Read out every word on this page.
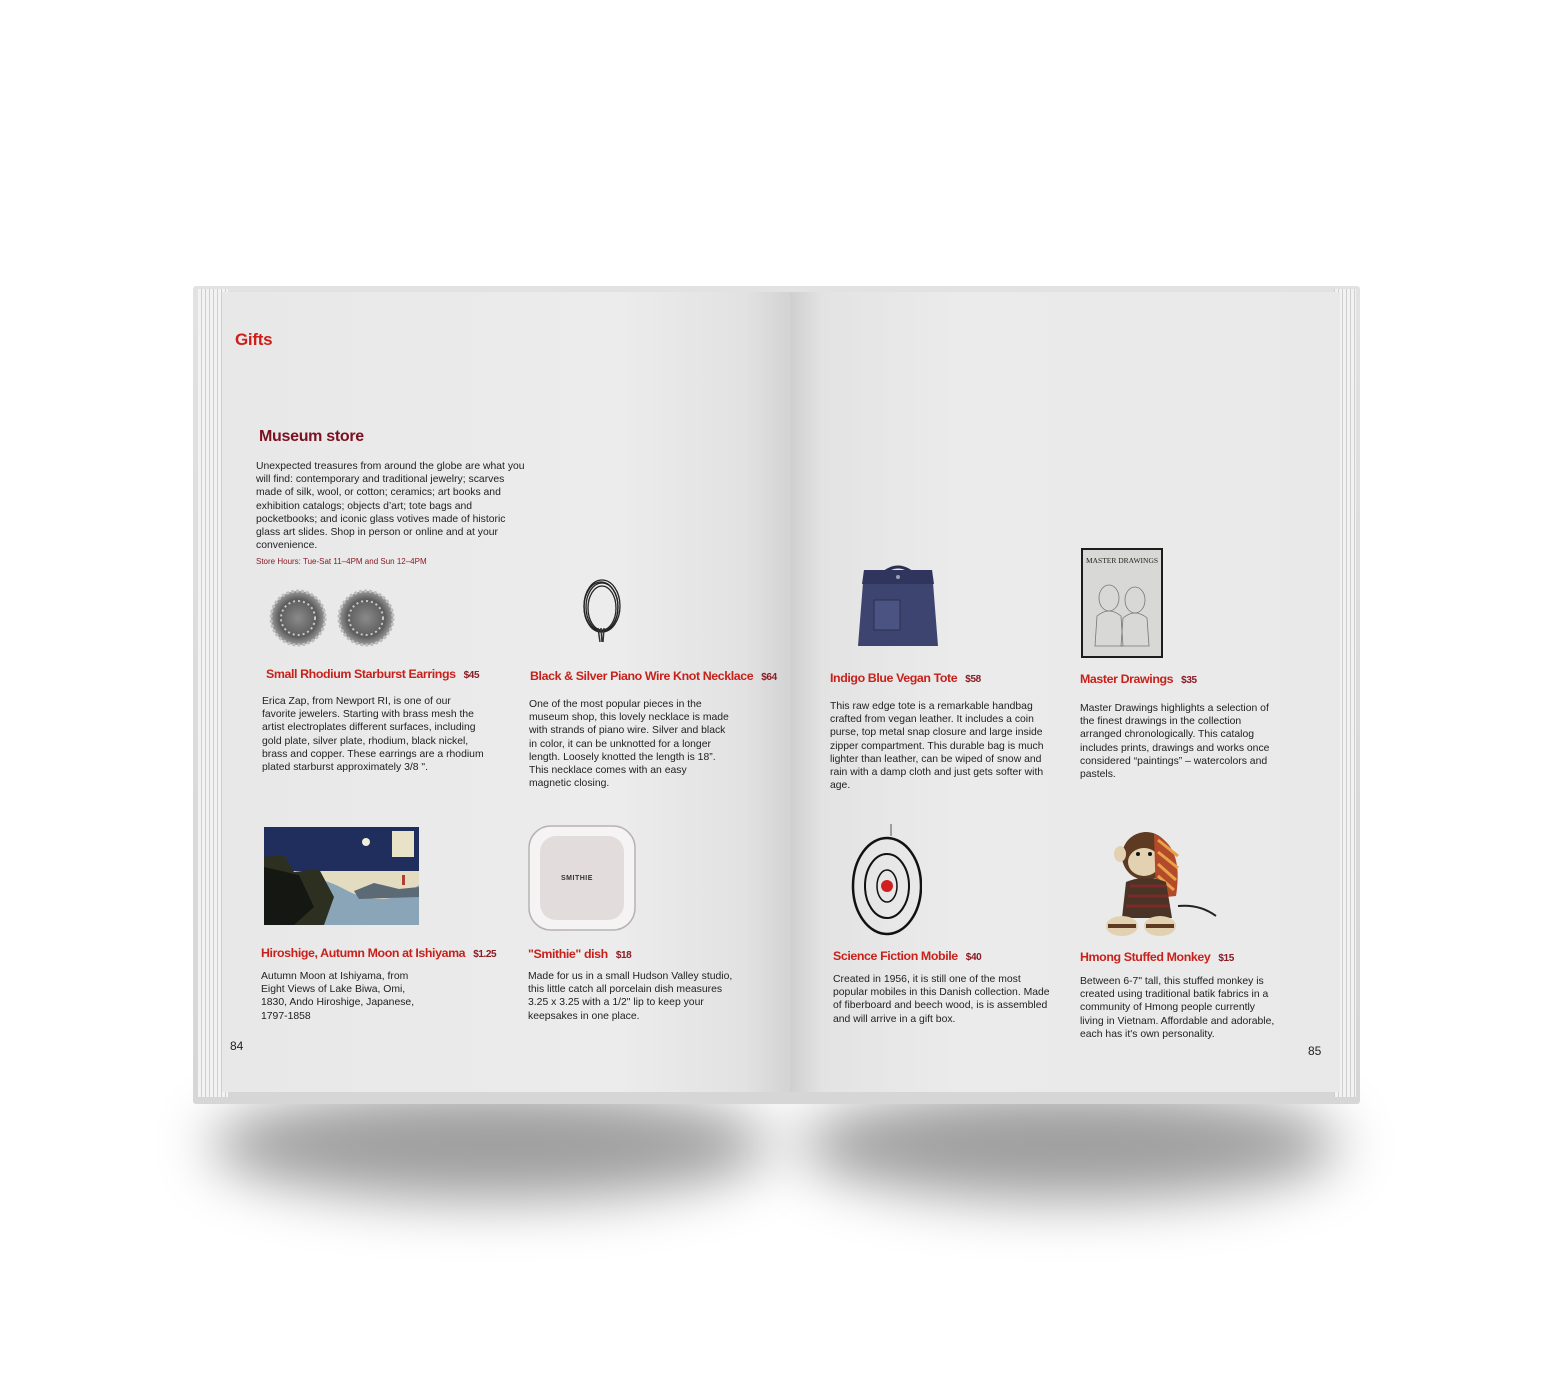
Gifts
Museum store
Unexpected treasures from around the globe are what you will find: contemporary and traditional jewelry; scarves made of silk, wool, or cotton; ceramics; art books and exhibition catalogs; objects d’art; tote bags and pocketbooks; and iconic glass votives made of historic glass art slides. Shop in person or online and at your convenience.
Store Hours: Tue-Sat 11–4PM and Sun 12–4PM
Small Rhodium Starburst Earrings $45
Erica Zap, from Newport RI, is one of our favorite jewelers. Starting with brass mesh the artist electroplates different surfaces, including gold plate, silver plate, rhodium, black nickel, brass and copper. These earrings are a rhodium plated starburst approximately 3/8 ".
Black & Silver Piano Wire Knot Necklace $64
One of the most popular pieces in the museum shop, this lovely necklace is made with strands of piano wire. Silver and black in color, it can be unknotted for a longer length. Loosely knotted the length is 18”. This necklace comes with an easy magnetic closing.
Hiroshige, Autumn Moon at Ishiyama $1.25
Autumn Moon at Ishiyama, from Eight Views of Lake Biwa, Omi, 1830, Ando Hiroshige, Japanese, 1797-1858
SMITHIE
"Smithie" dish $18
Made for us in a small Hudson Valley studio, this little catch all porcelain dish measures 3.25 x 3.25 with a 1/2" lip to keep your keepsakes in one place.
84
Indigo Blue Vegan Tote $58
This raw edge tote is a remarkable handbag crafted from vegan leather. It includes a coin purse, top metal snap closure and large inside zipper compartment. This durable bag is much lighter than leather, can be wiped of snow and rain with a damp cloth and just gets softer with age.
MASTER DRAWINGS
Master Drawings $35
Master Drawings highlights a selection of the finest drawings in the collection arranged chronologically. This catalog includes prints, drawings and works once considered “paintings” – watercolors and pastels.
Science Fiction Mobile $40
Created in 1956, it is still one of the most popular mobiles in this Danish collection. Made of fiberboard and beech wood, is is assembled and will arrive in a gift box.
Hmong Stuffed Monkey $15
Between 6-7" tall, this stuffed monkey is created using traditional batik fabrics in a community of Hmong people currently living in Vietnam. Affordable and adorable, each has it's own personality.
85
